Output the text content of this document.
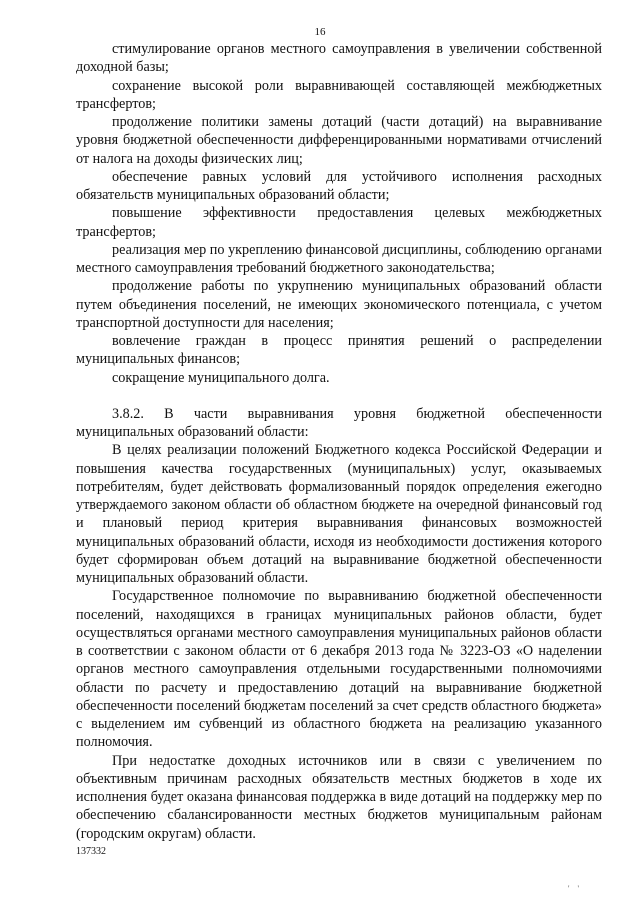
16

стимулирование органов местного самоуправления в увеличении собственной доходной базы;

сохранение высокой роли выравнивающей составляющей межбюджетных трансфертов;

продолжение политики замены дотаций (части дотаций) на выравнивание уровня бюджетной обеспеченности дифференцированными нормативами отчислений от налога на доходы физических лиц;

обеспечение равных условий для устойчивого исполнения расходных обязательств муниципальных образований области;

повышение эффективности предоставления целевых межбюджетных трансфертов;

реализация мер по укреплению финансовой дисциплины, соблюдению органами местного самоуправления требований бюджетного законодательства;

продолжение работы по укрупнению муниципальных образований области путем объединения поселений, не имеющих экономического потенциала, с учетом транспортной доступности для населения;

вовлечение граждан в процесс принятия решений о распределении муниципальных финансов;

сокращение муниципального долга.

3.8.2. В части выравнивания уровня бюджетной обеспеченности муниципальных образований области:

В целях реализации положений Бюджетного кодекса Российской Федерации и повышения качества государственных (муниципальных) услуг, оказываемых потребителям, будет действовать формализованный порядок определения ежегодно утверждаемого законом области об областном бюджете на очередной финансовый год и плановый период критерия выравнивания финансовых возможностей муниципальных образований области, исходя из необходимости достижения которого будет сформирован объем дотаций на выравнивание бюджетной обеспеченности муниципальных образований области.

Государственное полномочие по выравниванию бюджетной обеспеченности поселений, находящихся в границах муниципальных районов области, будет осуществляться органами местного самоуправления муниципальных районов области в соответствии с законом области от 6 декабря 2013 года № 3223-ОЗ «О наделении органов местного самоуправления отдельными государственными полномочиями области по расчету и предоставлению дотаций на выравнивание бюджетной обеспеченности поселений бюджетам поселений за счет средств областного бюджета» с выделением им субвенций из областного бюджета на реализацию указанного полномочия.

При недостатке доходных источников или в связи с увеличением по объективным причинам расходных обязательств местных бюджетов в ходе их исполнения будет оказана финансовая поддержка в виде дотаций на поддержку мер по обеспечению сбалансированности местных бюджетов муниципальным районам (городским округам) области.

137332
' '
